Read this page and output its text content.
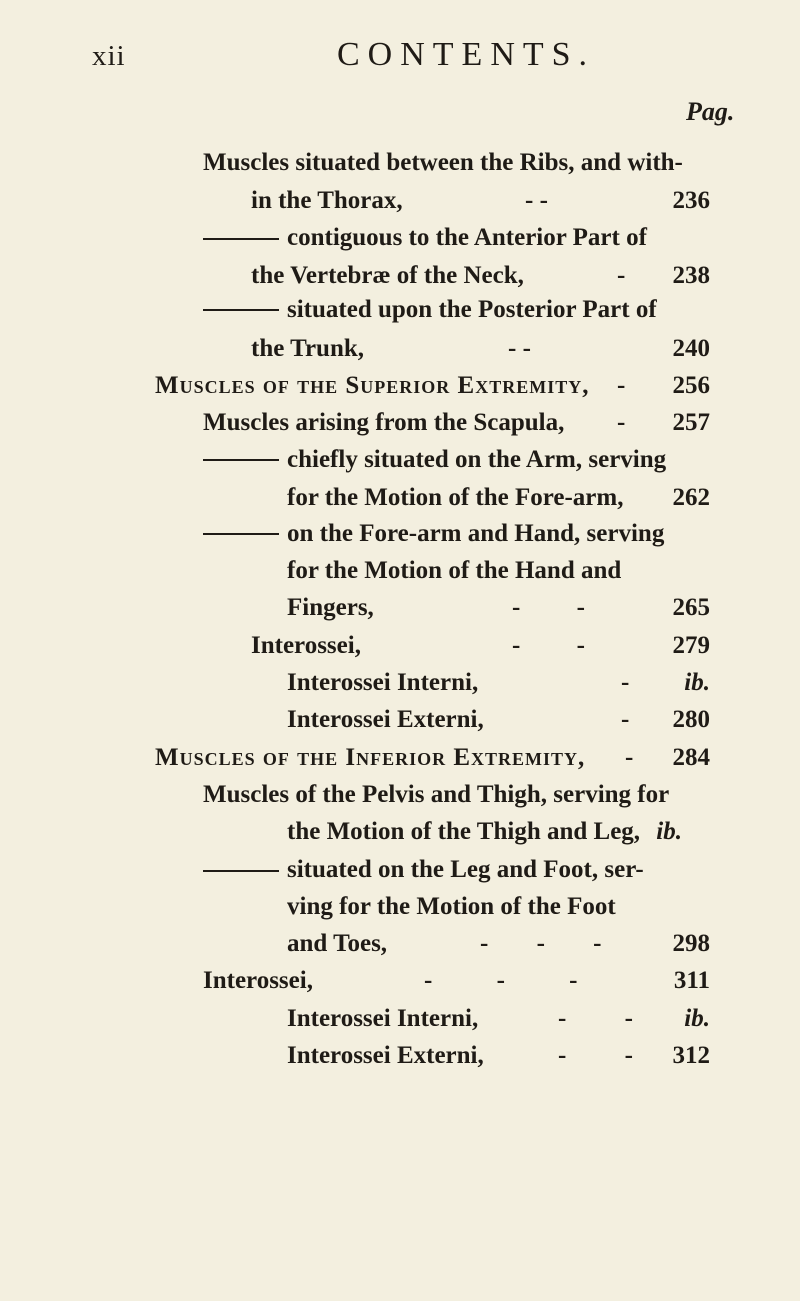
xii	CONTENTS.
Pag.
Muscles situated between the Ribs, and with-
in the Thorax,	- -	236
contiguous to the Anterior Part of
the Vertebræ of the Neck,	-	238
situated upon the Posterior Part of
the Trunk,	- -	240
Muscles of the Superior Extremity, -	256
Muscles arising from the Scapula, -	257
chiefly situated on the Arm, serving
for the Motion of the Fore-arm,	262
on the Fore-arm and Hand, serving
for the Motion of the Hand and
Fingers,	- -	265
Interossei,	- -	279
Interossei Interni,	-	ib.
Interossei Externi,	-	280
Muscles of the Inferior Extremity, -	284
Muscles of the Pelvis and Thigh, serving for
the Motion of the Thigh and Leg, ib.
situated on the Leg and Foot, ser-
ving for the Motion of the Foot
and Toes,	- - -	298
Interossei,	- - -	311
Interossei Interni,	- -	ib.
Interossei Externi,	- -	312
